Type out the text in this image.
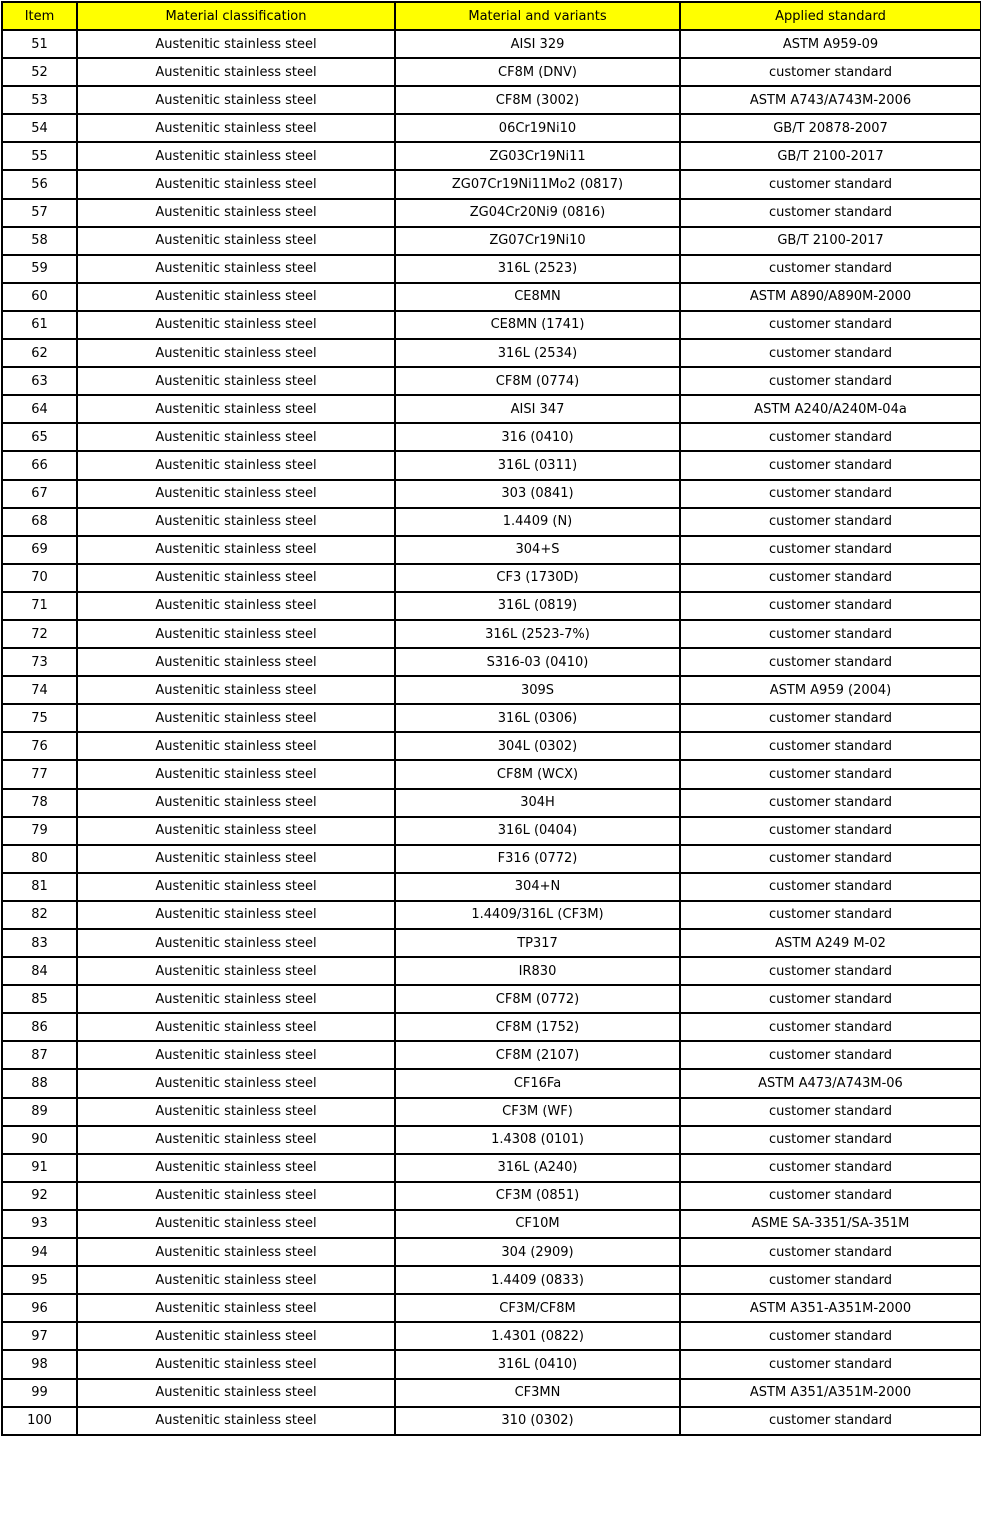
Item	Material classification	Material and variants	Applied standard
51	Austenitic stainless steel	AISI 329	ASTM A959-09
52	Austenitic stainless steel	CF8M (DNV)	customer standard
53	Austenitic stainless steel	CF8M (3002)	ASTM A743/A743M-2006
54	Austenitic stainless steel	06Cr19Ni10	GB/T 20878-2007
55	Austenitic stainless steel	ZG03Cr19Ni11	GB/T 2100-2017
56	Austenitic stainless steel	ZG07Cr19Ni11Mo2 (0817)	customer standard
57	Austenitic stainless steel	ZG04Cr20Ni9 (0816)	customer standard
58	Austenitic stainless steel	ZG07Cr19Ni10	GB/T 2100-2017
59	Austenitic stainless steel	316L (2523)	customer standard
60	Austenitic stainless steel	CE8MN	ASTM A890/A890M-2000
61	Austenitic stainless steel	CE8MN (1741)	customer standard
62	Austenitic stainless steel	316L (2534)	customer standard
63	Austenitic stainless steel	CF8M (0774)	customer standard
64	Austenitic stainless steel	AISI 347	ASTM A240/A240M-04a
65	Austenitic stainless steel	316 (0410)	customer standard
66	Austenitic stainless steel	316L (0311)	customer standard
67	Austenitic stainless steel	303 (0841)	customer standard
68	Austenitic stainless steel	1.4409 (N)	customer standard
69	Austenitic stainless steel	304+S	customer standard
70	Austenitic stainless steel	CF3 (1730D)	customer standard
71	Austenitic stainless steel	316L (0819)	customer standard
72	Austenitic stainless steel	316L (2523-7%)	customer standard
73	Austenitic stainless steel	S316-03 (0410)	customer standard
74	Austenitic stainless steel	309S	ASTM A959 (2004)
75	Austenitic stainless steel	316L (0306)	customer standard
76	Austenitic stainless steel	304L (0302)	customer standard
77	Austenitic stainless steel	CF8M (WCX)	customer standard
78	Austenitic stainless steel	304H	customer standard
79	Austenitic stainless steel	316L (0404)	customer standard
80	Austenitic stainless steel	F316 (0772)	customer standard
81	Austenitic stainless steel	304+N	customer standard
82	Austenitic stainless steel	1.4409/316L (CF3M)	customer standard
83	Austenitic stainless steel	TP317	ASTM A249 M-02
84	Austenitic stainless steel	IR830	customer standard
85	Austenitic stainless steel	CF8M (0772)	customer standard
86	Austenitic stainless steel	CF8M (1752)	customer standard
87	Austenitic stainless steel	CF8M (2107)	customer standard
88	Austenitic stainless steel	CF16Fa	ASTM A473/A743M-06
89	Austenitic stainless steel	CF3M (WF)	customer standard
90	Austenitic stainless steel	1.4308 (0101)	customer standard
91	Austenitic stainless steel	316L (A240)	customer standard
92	Austenitic stainless steel	CF3M (0851)	customer standard
93	Austenitic stainless steel	CF10M	ASME SA-3351/SA-351M
94	Austenitic stainless steel	304 (2909)	customer standard
95	Austenitic stainless steel	1.4409 (0833)	customer standard
96	Austenitic stainless steel	CF3M/CF8M	ASTM A351-A351M-2000
97	Austenitic stainless steel	1.4301 (0822)	customer standard
98	Austenitic stainless steel	316L (0410)	customer standard
99	Austenitic stainless steel	CF3MN	ASTM A351/A351M-2000
100	Austenitic stainless steel	310 (0302)	customer standard
